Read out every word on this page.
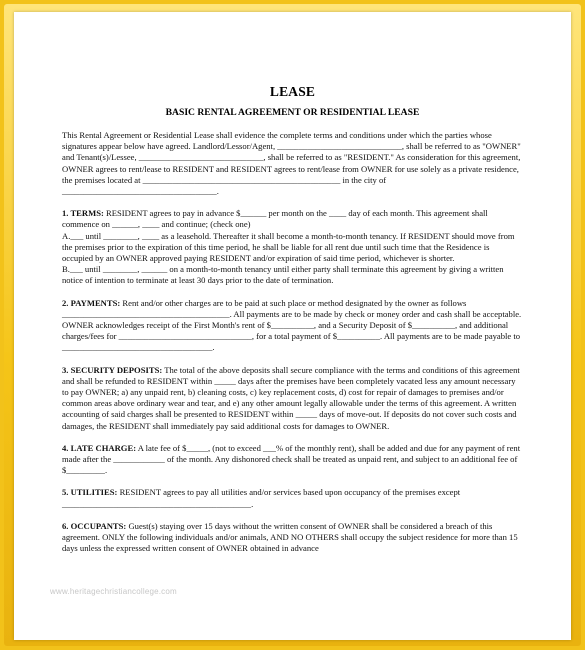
LEASE
BASIC RENTAL AGREEMENT OR RESIDENTIAL LEASE

This Rental Agreement or Residential Lease shall evidence the complete terms and conditions under which the parties whose signatures appear below have agreed. Landlord/Lessor/Agent, _____________________________, shall be referred to as "OWNER" and Tenant(s)/Lessee, _____________________________, shall be referred to as "RESIDENT." As consideration for this agreement, OWNER agrees to rent/lease to RESIDENT and RESIDENT agrees to rent/lease from OWNER for use solely as a private residence, the premises located at ______________________________________________ in the city of ____________________________________.

1. TERMS: RESIDENT agrees to pay in advance $______ per month on the ____ day of each month. This agreement shall commence on ______, ____ and continue; (check one)

A.___ until ________, ____ as a leasehold. Thereafter it shall become a month-to-month tenancy. If RESIDENT should move from the premises prior to the expiration of this time period, he shall be liable for all rent due until such time that the Residence is occupied by an OWNER approved paying RESIDENT and/or expiration of said time period, whichever is shorter.

B.___ until ________, ______ on a month-to-month tenancy until either party shall terminate this agreement by giving a written notice of intention to terminate at least 30 days prior to the date of termination.

2. PAYMENTS: Rent and/or other charges are to be paid at such place or method designated by the owner as follows _______________________________________. All payments are to be made by check or money order and cash shall be acceptable. OWNER acknowledges receipt of the First Month's rent of $__________, and a Security Deposit of $__________, and additional charges/fees for _______________________________, for a total payment of $__________. All payments are to be made payable to ___________________________________.

3. SECURITY DEPOSITS: The total of the above deposits shall secure compliance with the terms and conditions of this agreement and shall be refunded to RESIDENT within _____ days after the premises have been completely vacated less any amount necessary to pay OWNER; a) any unpaid rent, b) cleaning costs, c) key replacement costs, d) cost for repair of damages to premises and/or common areas above ordinary wear and tear, and e) any other amount legally allowable under the terms of this agreement. A written accounting of said charges shall be presented to RESIDENT within _____ days of move-out. If deposits do not cover such costs and damages, the RESIDENT shall immediately pay said additional costs for damages to OWNER.

4. LATE CHARGE: A late fee of $_____, (not to exceed ___% of the monthly rent), shall be added and due for any payment of rent made after the ____________ of the month. Any dishonored check shall be treated as unpaid rent, and subject to an additional fee of $_________.

5. UTILITIES: RESIDENT agrees to pay all utilities and/or services based upon occupancy of the premises except ____________________________________________.

6. OCCUPANTS: Guest(s) staying over 15 days without the written consent of OWNER shall be considered a breach of this agreement. ONLY the following individuals and/or animals, AND NO OTHERS shall occupy the subject residence for more than 15 days unless the expressed written consent of OWNER obtained in advance

www.heritagechristiancollege.com
